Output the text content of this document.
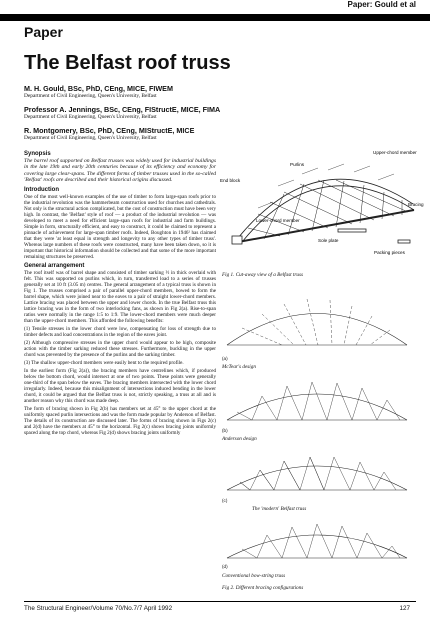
Paper: Gould et al
Paper
The Belfast roof truss
M. H. Gould, BSc, PhD, CEng, MICE, FIWEM
Department of Civil Engineering, Queen's University, Belfast
Professor A. Jennings, BSc, CEng, FIStructE, MICE, FIMA
Department of Civil Engineering, Queen's University, Belfast
R. Montgomery, BSc, PhD, CEng, MIStructE, MICE
Department of Civil Engineering, Queen's University, Belfast
Synopsis

The barrel roof supported on Belfast trusses was widely used for industrial buildings in the late 19th and early 20th centuries because of its efficiency and economy for covering large clear-spans. The different forms of timber trusses used in the so-called 'Belfast' roofs are described and their historical origins discussed.

Introduction

One of the most well-known examples of the use of timber to form large-span roofs prior to the industrial revolution was the hammerbeam construction used for churches and cathedrals. Not only is the structural action complicated, but the cost of construction must have been very high. In contrast, the 'Belfast' style of roof — a product of the industrial revolution — was developed to meet a need for efficient large-span roofs for industrial and farm buildings. Simple in form, structurally efficient, and easy to construct, it could be claimed to represent a pinnacle of achievement for large-span timber roofs. Indeed, Boughton in 1946¹ has claimed that they were 'at least equal in strength and longevity to any other types of timber truss'. Whereas large numbers of these roofs were constructed, many have been taken down, so it is important that historical information should be collected and that some of the more important remaining structures be preserved.

General arrangement

The roof itself was of barrel shape and consisted of timber sarking ½ in thick overlaid with felt. This was supported on purlins which, in turn, transferred load to a series of trusses generally set at 10 ft (3.05 m) centres. The general arrangement of a typical truss is shown in Fig 1. The trusses comprised a pair of parallel upper-chord members, bowed to form the barrel shape, which were joined near to the eaves to a pair of straight lower-chord members. Lattice bracing was placed between the upper and lower chords. In the true Belfast truss this lattice bracing was in the form of two interlocking fans, as shown in Fig 2(a). Rise-to-span ratios were normally in the range 1:5 to 1:9. The lower-chord members were much deeper than the upper-chord members. This afforded the following benefits:

(1) Tensile stresses in the lower chord were low, compensating for loss of strength due to timber defects and load concentrations in the region of the eaves joint.

(2) Although compressive stresses in the upper chord would appear to be high, composite action with the timber sarking reduced these stresses. Furthermore, buckling in the upper chord was prevented by the presence of the purlins and the sarking timber.

(3) The shallow upper-chord members were easily bent to the required profile.

In the earliest form (Fig 2(a)), the bracing members have centrelines which, if produced below the bottom chord, would intersect at one of two points. These points were generally one-third of the span below the eaves. The bracing members intersected with the lower chord irregularly. Indeed, because this misalignment of intersections induced bending in the lower chord, it could be argued that the Belfast truss is not, strictly speaking, a truss at all and is another reason why this chord was made deep.

The form of bracing shown in Fig 2(b) has members set at 45° to the upper chord at the uniformly spaced purlin intersections and was the form made popular by Anderson of Belfast. The details of its construction are discussed later. The forms of bracing shown in Figs 2(c) and 2(d) have the members at 45° to the horizontal. Fig 2(c) shows bracing joints uniformly spaced along the top chord, whereas Fig 2(d) shows bracing joints uniformly

Upper-chord member
Purlins
End block
Bracing
Lower-chord member
Sole plate
Packing pieces
Fig 1. Cut-away view of a Belfast truss
(a)
McTear's design
(b)
Anderson design
(c)
The 'modern' Belfast truss
(d)
Conventional bow-string truss
Fig 2. Different bracing configurations
The Structural Engineer/Volume 70/No.7/7 April 1992	127
